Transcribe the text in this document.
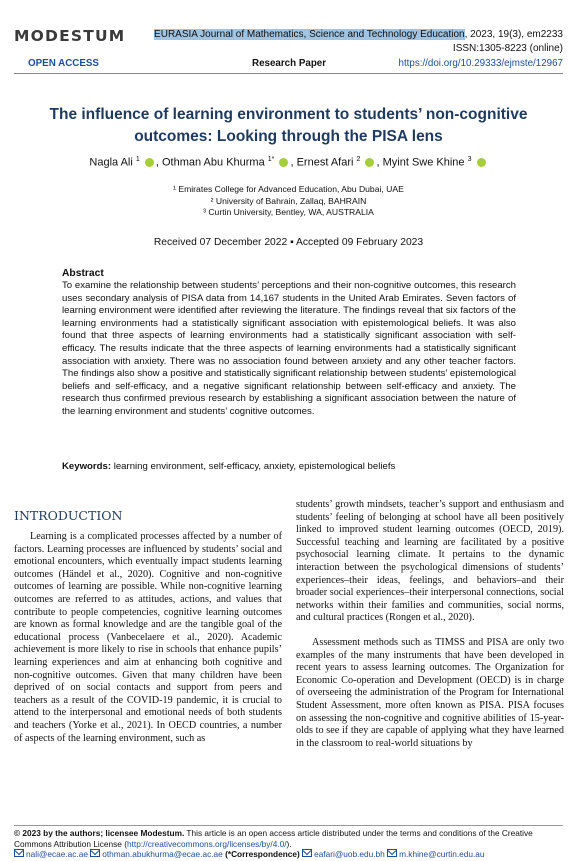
MODESTUM	EURASIA Journal of Mathematics, Science and Technology Education, 2023, 19(3), em2233
ISSN:1305-8223 (online)
OPEN ACCESS	Research Paper	https://doi.org/10.29333/ejmste/12967
The influence of learning environment to students’ non-cognitive outcomes: Looking through the PISA lens
Nagla Ali $^1$ , Othman Abu Khurma $^{1*}$ , Ernest Afari $^2$ , Myint Swe Khine $^3$
¹ Emirates College for Advanced Education, Abu Dubai, UAE
² University of Bahrain, Zallaq, BAHRAIN
³ Curtin University, Bentley, WA, AUSTRALIA
Received 07 December 2022 ▪ Accepted 09 February 2023
Abstract
To examine the relationship between students’ perceptions and their non-cognitive outcomes, this research uses secondary analysis of PISA data from 14,167 students in the United Arab Emirates. Seven factors of learning environment were identified after reviewing the literature. The findings reveal that six factors of the learning environments had a statistically significant association with epistemological beliefs. It was also found that three aspects of learning environments had a statistically significant association with self-efficacy. The results indicate that the three aspects of learning environments had a statistically significant association with anxiety. There was no association found between anxiety and any other teacher factors. The findings also show a positive and statistically significant relationship between students’ epistemological beliefs and self-efficacy, and a negative significant relationship between self-efficacy and anxiety. The research thus confirmed previous research by establishing a significant association between the nature of the learning environment and students’ cognitive outcomes.
Keywords: learning environment, self-efficacy, anxiety, epistemological beliefs
INTRODUCTION

Learning is a complicated processes affected by a number of factors. Learning processes are influenced by students’ social and emotional encounters, which eventually impact students learning outcomes (Händel et al., 2020). Cognitive and non-cognitive outcomes of learning are possible. While non-cognitive learning outcomes are referred to as attitudes, actions, and values that contribute to people competencies, cognitive learning outcomes are known as formal knowledge and are the tangible goal of the educational process (Vanbecelaere et al., 2020). Academic achievement is more likely to rise in schools that enhance pupils’ learning experiences and aim at enhancing both cognitive and non-cognitive outcomes. Given that many children have been deprived of on social contacts and support from peers and teachers as a result of the COVID-19 pandemic, it is crucial to attend to the interpersonal and emotional needs of both students and teachers (Yorke et al., 2021). In OECD countries, a number of aspects of the learning environment, such as

students’ growth mindsets, teacher’s support and enthusiasm and students’ feeling of belonging at school have all been positively linked to improved student learning outcomes (OECD, 2019). Successful teaching and learning are facilitated by a positive psychosocial learning climate. It pertains to the dynamic interaction between the psychological dimensions of students’ experiences–their ideas, feelings, and behaviors–and their broader social experiences–their interpersonal connections, social networks within their families and communities, social norms, and cultural practices (Rongen et al., 2020).

Assessment methods such as TIMSS and PISA are only two examples of the many instruments that have been developed in recent years to assess learning outcomes. The Organization for Economic Co-operation and Development (OECD) is in charge of overseeing the administration of the Program for International Student Assessment, more often known as PISA. PISA focuses on assessing the non-cognitive and cognitive abilities of 15-year-olds to see if they are capable of applying what they have learned in the classroom to real-world situations by

© 2023 by the authors; licensee Modestum. This article is an open access article distributed under the terms and conditions of the Creative Commons Attribution License (http://creativecommons.org/licenses/by/4.0/).
nali@ecae.ac.ae othman.abukhurma@ecae.ac.ae (*Correspondence) eafari@uob.edu.bh m.khine@curtin.edu.au
